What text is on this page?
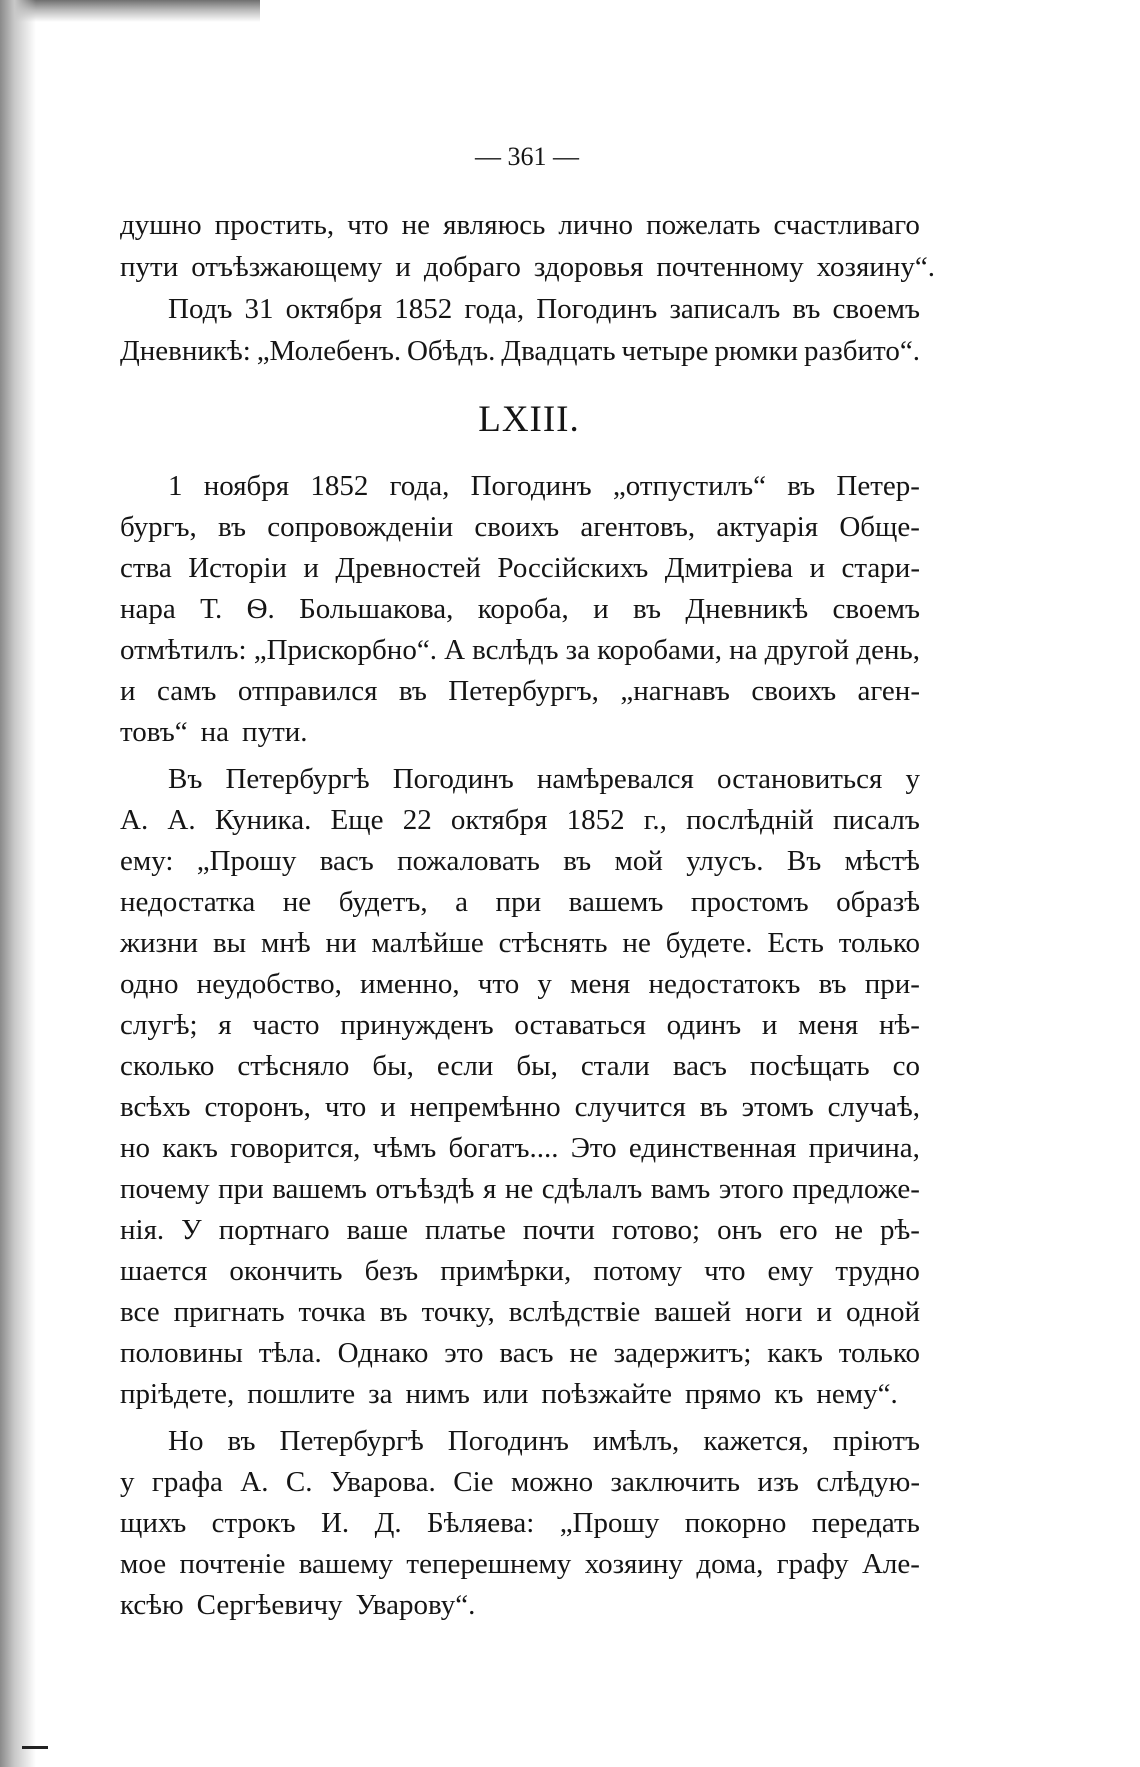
— 361 —
душно простить, что не являюсь лично пожелать счастливаго
пути отъѣзжающему и добраго здоровья почтенному хозяину“.
Подъ 31 октября 1852 года, Погодинъ записалъ въ своемъ
Дневникѣ: „Молебенъ. Обѣдъ. Двадцать четыре рюмки разбито“.
LXIII.
1 ноября 1852 года, Погодинъ „отпустилъ“ въ Петер-
бургъ, въ сопровожденіи своихъ агентовъ, актуарія Обще-
ства Исторіи и Древностей Россійскихъ Дмитріева и стари-
нара Т. Ѳ. Большакова, короба, и въ Дневникѣ своемъ
отмѣтилъ: „Прискорбно“. А вслѣдъ за коробами, на другой день,
и самъ отправился въ Петербургъ, „нагнавъ своихъ аген-
товъ“ на пути.
Въ Петербургѣ Погодинъ намѣревался остановиться у
А. А. Куника. Еще 22 октября 1852 г., послѣдній писалъ
ему: „Прошу васъ пожаловать въ мой улусъ. Въ мѣстѣ
недостатка не будетъ, а при вашемъ простомъ образѣ
жизни вы мнѣ ни малѣйше стѣснять не будете. Есть только
одно неудобство, именно, что у меня недостатокъ въ при-
слугѣ; я часто принужденъ оставаться одинъ и меня нѣ-
сколько стѣсняло бы, если бы, стали васъ посѣщать со
всѣхъ сторонъ, что и непремѣнно случится въ этомъ случаѣ,
но какъ говорится, чѣмъ богатъ.... Это единственная причина,
почему при вашемъ отъѣздѣ я не сдѣлалъ вамъ этого предложе-
нія. У портнаго ваше платье почти готово; онъ его не рѣ-
шается окончить безъ примѣрки, потому что ему трудно
все пригнать точка въ точку, вслѣдствіе вашей ноги и одной
половины тѣла. Однако это васъ не задержитъ; какъ только
пріѣдете, пошлите за нимъ или поѣзжайте прямо къ нему“.
Но въ Петербургѣ Погодинъ имѣлъ, кажется, пріютъ
у графа А. С. Уварова. Сіе можно заключить изъ слѣдую-
щихъ строкъ И. Д. Бѣляева: „Прошу покорно передать
мое почтеніе вашему теперешнему хозяину дома, графу Але-
ксѣю Сергѣевичу Уварову“.
